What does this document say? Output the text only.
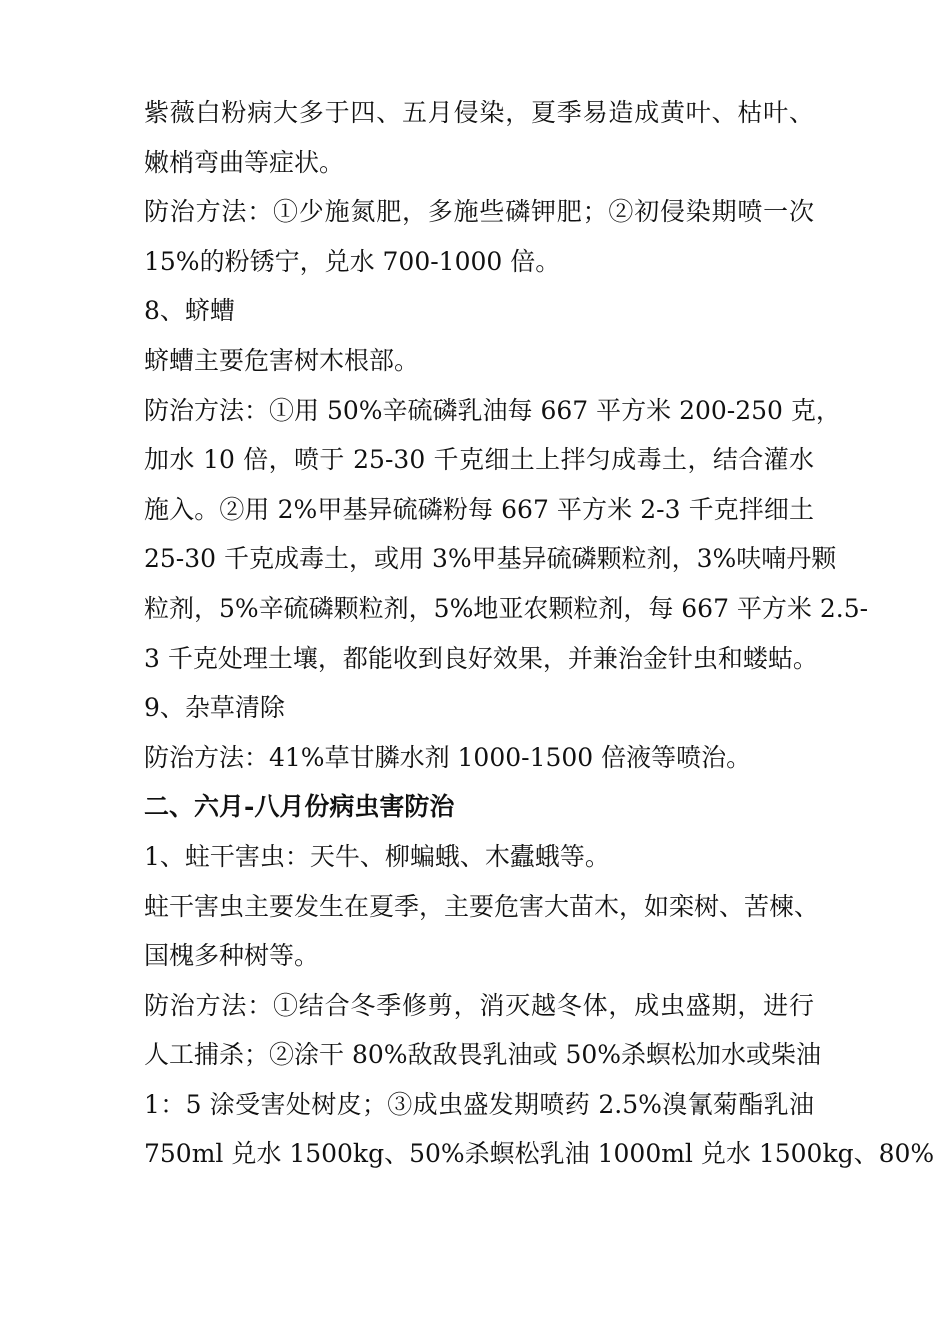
紫薇白粉病大多于四、五月侵染，夏季易造成黄叶、枯叶、
嫩梢弯曲等症状。
防治方法：①少施氮肥，多施些磷钾肥；②初侵染期喷一次
15%的粉锈宁，兑水 700-1000 倍。
8、蛴螬
蛴螬主要危害树木根部。
防治方法：①用 50%辛硫磷乳油每 667 平方米 200-250 克，
加水 10 倍，喷于 25-30 千克细土上拌匀成毒土，结合灌水
施入。②用 2%甲基异硫磷粉每 667 平方米 2-3 千克拌细土
25-30 千克成毒土，或用 3%甲基异硫磷颗粒剂，3%呋喃丹颗
粒剂，5%辛硫磷颗粒剂，5%地亚农颗粒剂，每 667 平方米 2.5-
3 千克处理土壤，都能收到良好效果，并兼治金针虫和蝼蛄。
9、杂草清除
防治方法：41%草甘膦水剂 1000-1500 倍液等喷治。
二、六月-八月份病虫害防治
1、蛀干害虫：天牛、柳蝙蛾、木蠹蛾等。
蛀干害虫主要发生在夏季，主要危害大苗木，如栾树、苦楝、
国槐多种树等。
防治方法：①结合冬季修剪，消灭越冬体，成虫盛期，进行
人工捕杀；②涂干 80%敌敌畏乳油或 50%杀螟松加水或柴油
1：5 涂受害处树皮；③成虫盛发期喷药 2.5%溴氰菊酯乳油
750ml 兑水 1500kg、50%杀螟松乳油 1000ml 兑水 1500kg、80%
